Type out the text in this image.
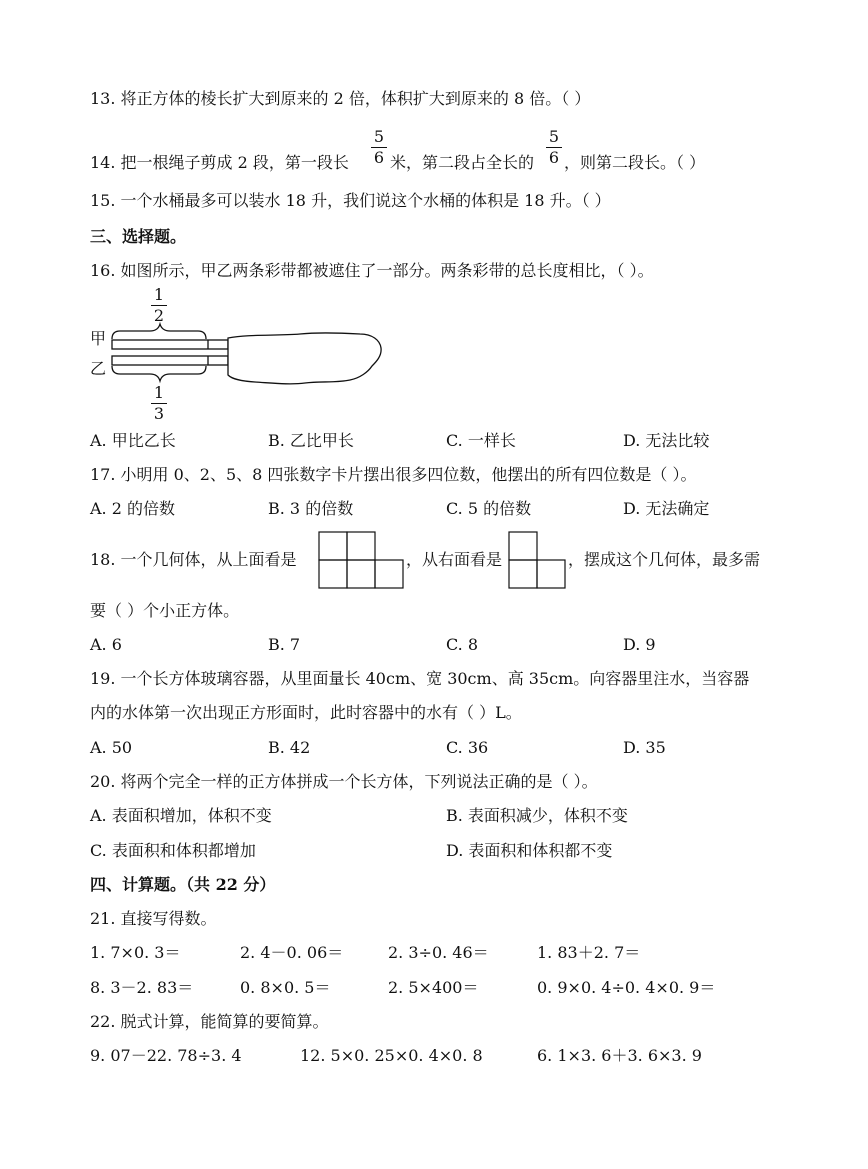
13. 将正方体的棱长扩大到原来的 2 倍，体积扩大到原来的 8 倍。（ ）
14. 把一根绳子剪成 2 段，第一段长
5
6 米，第二段占全长的
5
6 ，则第二段长。（ ）
15. 一个水桶最多可以装水 18 升，我们说这个水桶的体积是 18 升。（ ）
三、选择题。
16. 如图所示，甲乙两条彩带都被遮住了一部分。两条彩带的总长度相比，（ ）。
1
2
甲
乙
1
3
A. 甲比乙长	B. 乙比甲长	C. 一样长	D. 无法比较
17. 小明用 0、2、5、8 四张数字卡片摆出很多四位数，他摆出的所有四位数是（ ）。
A. 2 的倍数	B. 3 的倍数	C. 5 的倍数	D. 无法确定
18. 一个几何体，从上面看是	，从右面看是	，摆成这个几何体，最多需
要（ ）个小正方体。
A. 6	B. 7	C. 8	D. 9
19. 一个长方体玻璃容器，从里面量长 40cm、宽 30cm、高 35cm。向容器里注水，当容器
内的水体第一次出现正方形面时，此时容器中的水有（ ）L。
A. 50	B. 42	C. 36	D. 35
20. 将两个完全一样的正方体拼成一个长方体，下列说法正确的是（ ）。
A. 表面积增加，体积不变	B. 表面积减少，体积不变
C. 表面积和体积都增加	D. 表面积和体积都不变
四、计算题。（共 22 分）
21. 直接写得数。
1. 7×0. 3＝	2. 4－0. 06＝	2. 3÷0. 46＝	1. 83＋2. 7＝
8. 3－2. 83＝	0. 8×0. 5＝	2. 5×400＝	0. 9×0. 4÷0. 4×0. 9＝
22. 脱式计算，能简算的要简算。
9. 07－22. 78÷3. 4	12. 5×0. 25×0. 4×0. 8	6. 1×3. 6＋3. 6×3. 9
